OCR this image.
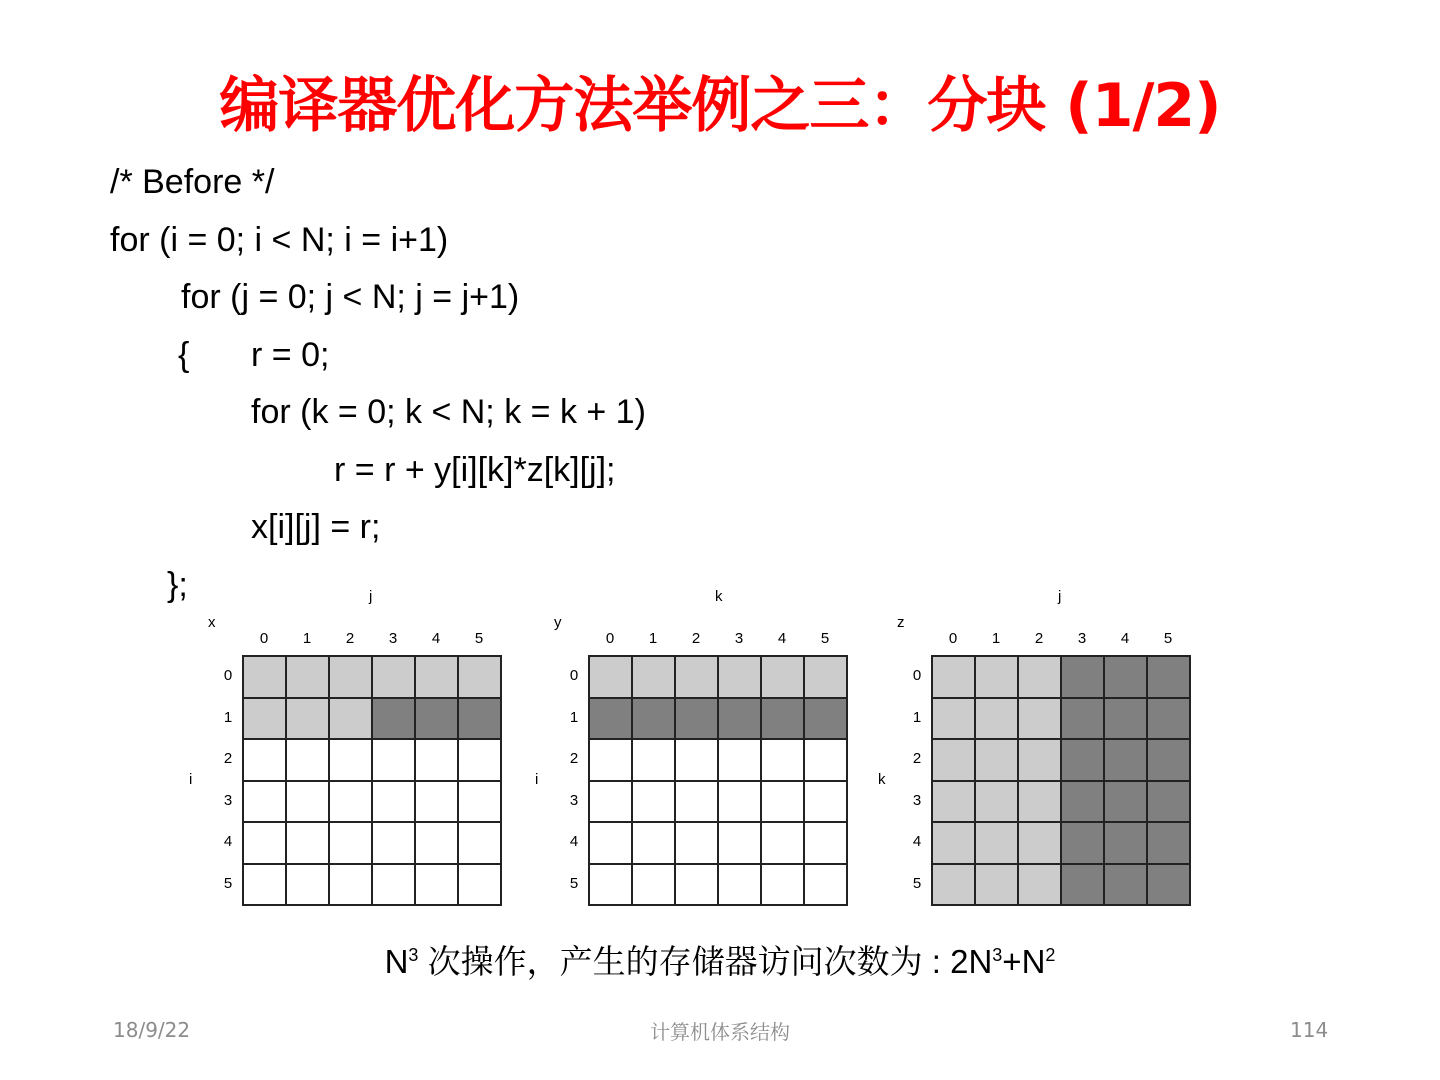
编译器优化方法举例之三：分块 (1/2)
/* Before */
for (i = 0; i < N; i = i+1)
for (j = 0; j < N; j = j+1)
{ r = 0;
for (k = 0; k < N; k = k + 1)
r = r + y[i][k]*z[k][j];
x[i][j] = r;
};
x
j
i
0	1	2	3	4	5
0
1
2
3
4
5
y
k
i
0	1	2	3	4	5
0
1
2
3
4
5
z
j
k
0	1	2	3	4	5
0
1
2
3
4
5
$N^3$ 次操作，产生的存储器访问次数为 : $2N^3+N^2$
18/9/22	计算机体系结构	114
